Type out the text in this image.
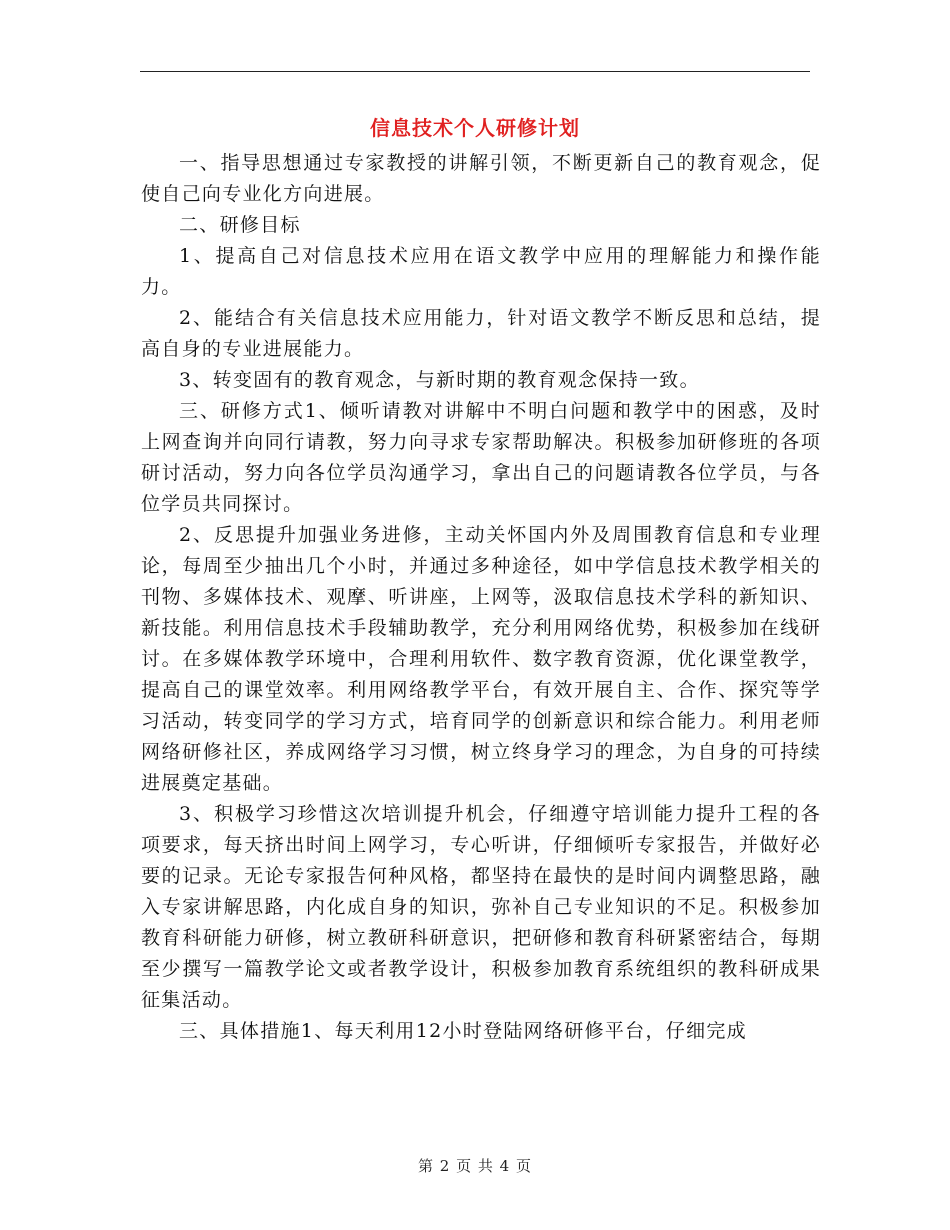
信息技术个人研修计划

一、指导思想通过专家教授的讲解引领，不断更新自己的教育观念，促使自己向专业化方向进展。

二、研修目标

1、提高自己对信息技术应用在语文教学中应用的理解能力和操作能力。

2、能结合有关信息技术应用能力，针对语文教学不断反思和总结，提高自身的专业进展能力。

3、转变固有的教育观念，与新时期的教育观念保持一致。

三、研修方式1、倾听请教对讲解中不明白问题和教学中的困惑，及时上网查询并向同行请教，努力向寻求专家帮助解决。积极参加研修班的各项研讨活动，努力向各位学员沟通学习，拿出自己的问题请教各位学员，与各位学员共同探讨。

2、反思提升加强业务进修，主动关怀国内外及周围教育信息和专业理论，每周至少抽出几个小时，并通过多种途径，如中学信息技术教学相关的刊物、多媒体技术、观摩、听讲座，上网等，汲取信息技术学科的新知识、新技能。利用信息技术手段辅助教学，充分利用网络优势，积极参加在线研讨。在多媒体教学环境中，合理利用软件、数字教育资源，优化课堂教学，提高自己的课堂效率。利用网络教学平台，有效开展自主、合作、探究等学习活动，转变同学的学习方式，培育同学的创新意识和综合能力。利用老师网络研修社区，养成网络学习习惯，树立终身学习的理念，为自身的可持续进展奠定基础。

3、积极学习珍惜这次培训提升机会，仔细遵守培训能力提升工程的各项要求，每天挤出时间上网学习，专心听讲，仔细倾听专家报告，并做好必要的记录。无论专家报告何种风格，都坚持在最快的是时间内调整思路，融入专家讲解思路，内化成自身的知识，弥补自己专业知识的不足。积极参加教育科研能力研修，树立教研科研意识，把研修和教育科研紧密结合，每期至少撰写一篇教学论文或者教学设计，积极参加教育系统组织的教科研成果征集活动。

三、具体措施1、每天利用12小时登陆网络研修平台，仔细完成

第 2 页 共 4 页
